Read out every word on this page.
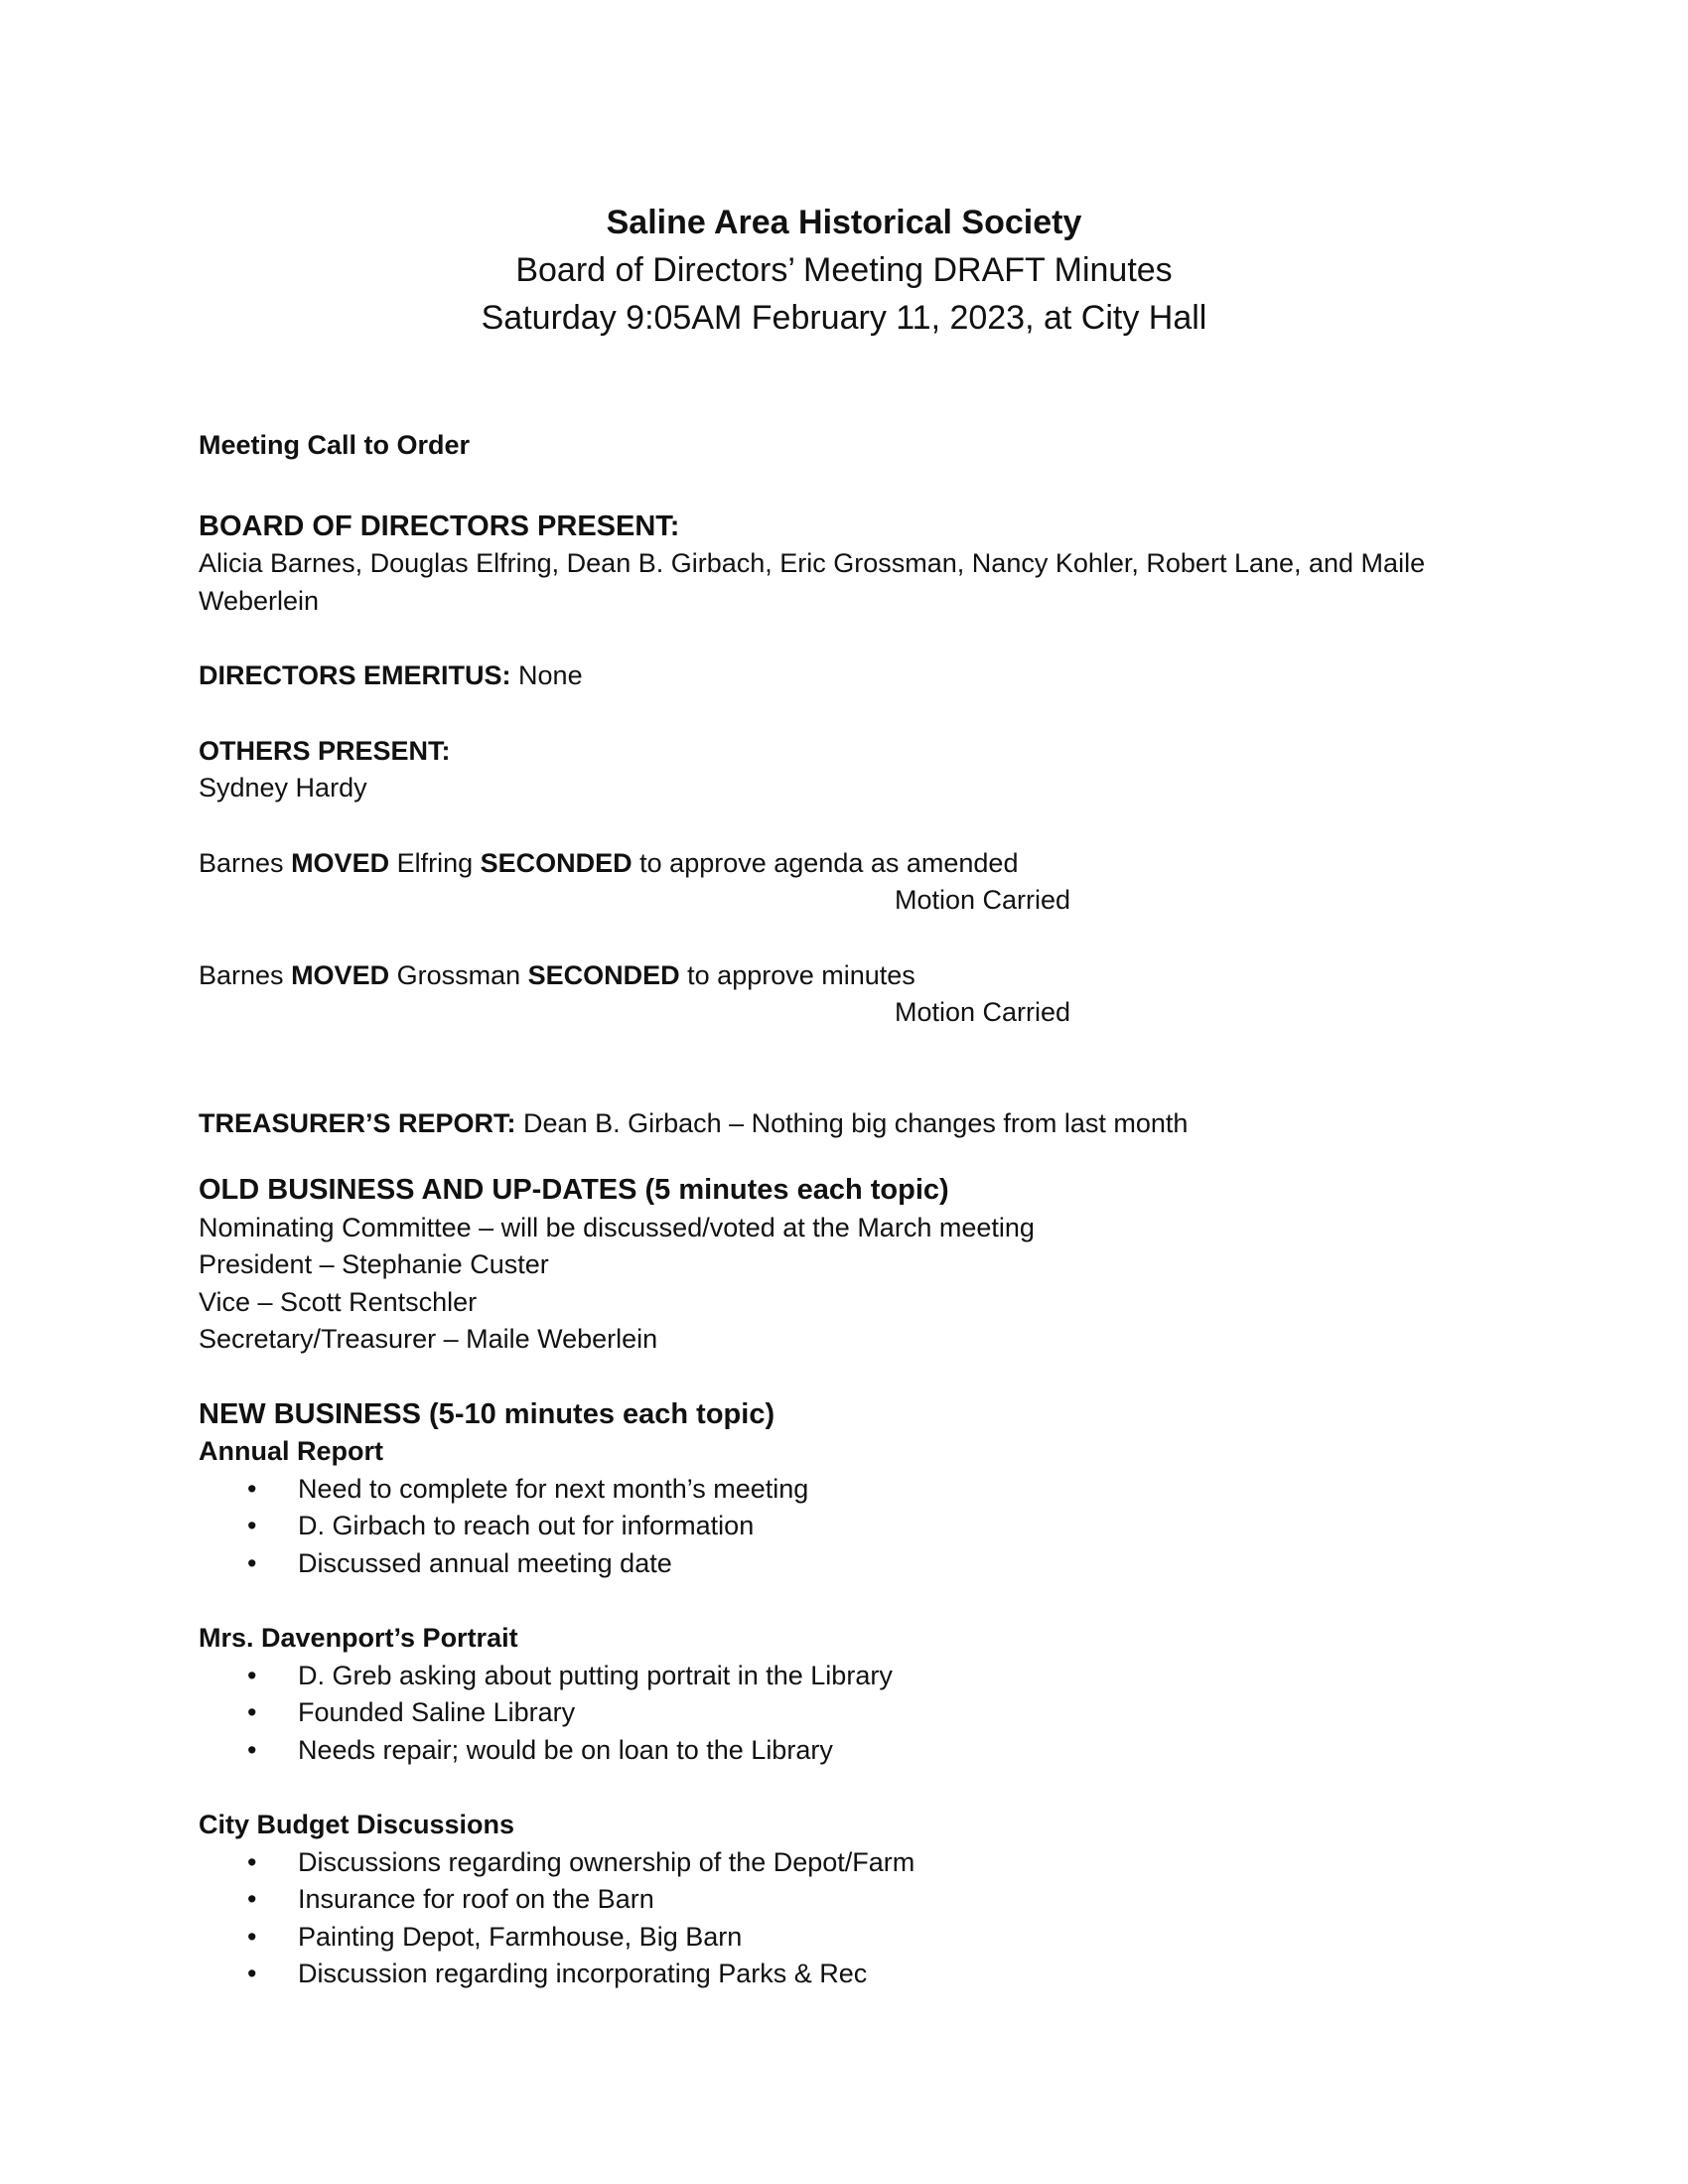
Saline Area Historical Society
Board of Directors’ Meeting DRAFT Minutes
Saturday 9:05AM February 11, 2023, at City Hall
Meeting Call to Order
BOARD OF DIRECTORS PRESENT:
Alicia Barnes, Douglas Elfring, Dean B. Girbach, Eric Grossman, Nancy Kohler, Robert Lane, and Maile Weberlein
DIRECTORS EMERITUS: None
OTHERS PRESENT:
Sydney Hardy
Barnes MOVED Elfring SECONDED to approve agenda as amended
Motion Carried
Barnes MOVED Grossman SECONDED to approve minutes
Motion Carried
TREASURER’S REPORT: Dean B. Girbach – Nothing big changes from last month
OLD BUSINESS AND UP-DATES (5 minutes each topic)
Nominating Committee – will be discussed/voted at the March meeting
President – Stephanie Custer
Vice – Scott Rentschler
Secretary/Treasurer – Maile Weberlein
NEW BUSINESS (5-10 minutes each topic)
Annual Report
• Need to complete for next month’s meeting
• D. Girbach to reach out for information
• Discussed annual meeting date
Mrs. Davenport’s Portrait
• D. Greb asking about putting portrait in the Library
• Founded Saline Library
• Needs repair; would be on loan to the Library
City Budget Discussions
• Discussions regarding ownership of the Depot/Farm
• Insurance for roof on the Barn
• Painting Depot, Farmhouse, Big Barn
• Discussion regarding incorporating Parks & Rec
